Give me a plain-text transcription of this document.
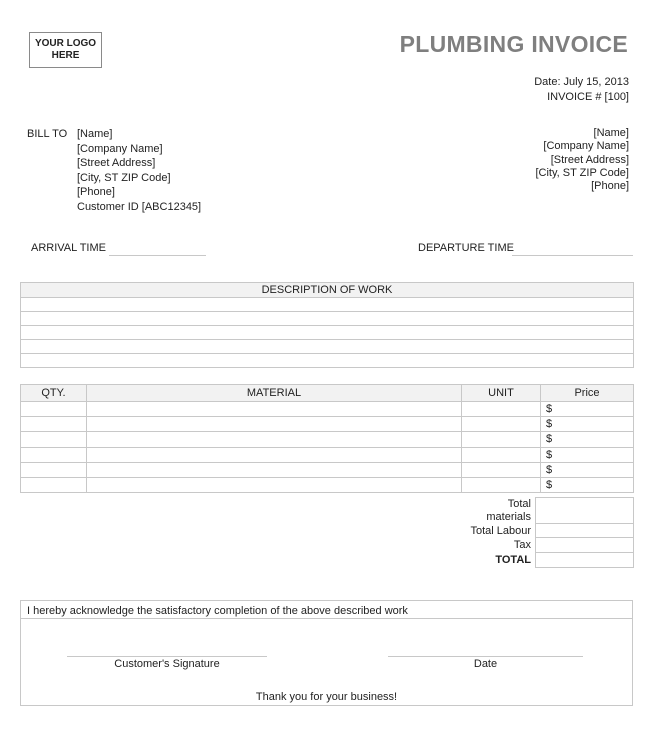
YOUR LOGO
HERE	PLUMBING INVOICE
Date: July 15, 2013
INVOICE # [100]
BILL TO [Name]
[Company Name]
[Street Address]
[City, ST ZIP Code]
[Phone]
Customer ID [ABC12345]
[Name]
[Company Name]
[Street Address]
[City, ST ZIP Code]
[Phone]
ARRIVAL TIME	DEPARTURE TIME
DESCRIPTION OF WORK

QTY.	MATERIAL	UNIT	Price
			$
			$
			$
			$
			$
			$
Total
materials	
Total Labour	
Tax	
TOTAL	
I hereby acknowledge the satisfactory completion of the above described work
Customer's Signature	Date
Thank you for your business!
